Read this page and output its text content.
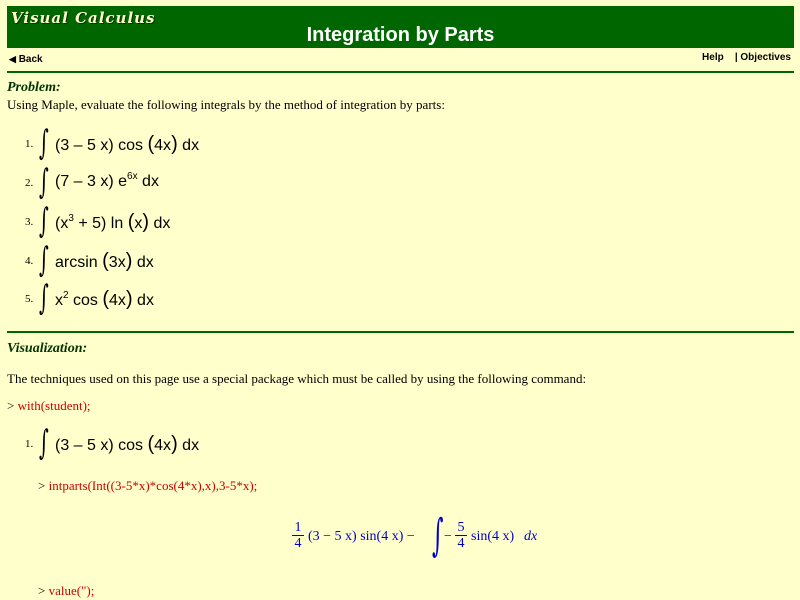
Visual Calculus
Integration by Parts
◀ Back	Help | Objectives
Problem:
Using Maple, evaluate the following integrals by the method of integration by parts:
1. ∫ (3 – 5 x) cos (4x) dx
2. ∫ (7 – 3 x) $e^{6x}$ dx
3. ∫ $(x^3 + 5)$ ln (x) dx
4. ∫ arcsin (3x) dx
5. ∫ $x^2$ cos (4x) dx
Visualization:
The techniques used on this page use a special package which must be called by using the following command:
> with(student);
1. ∫ (3 – 5 x) cos (4x) dx
> intparts(Int((3-5*x)*cos(4*x),x),3-5*x);
$\frac{1}{4} (3 - 5$ x) sin(4 x) − ∫ − $\frac{5}{4} \sin(4$ x) dx
> value(");
